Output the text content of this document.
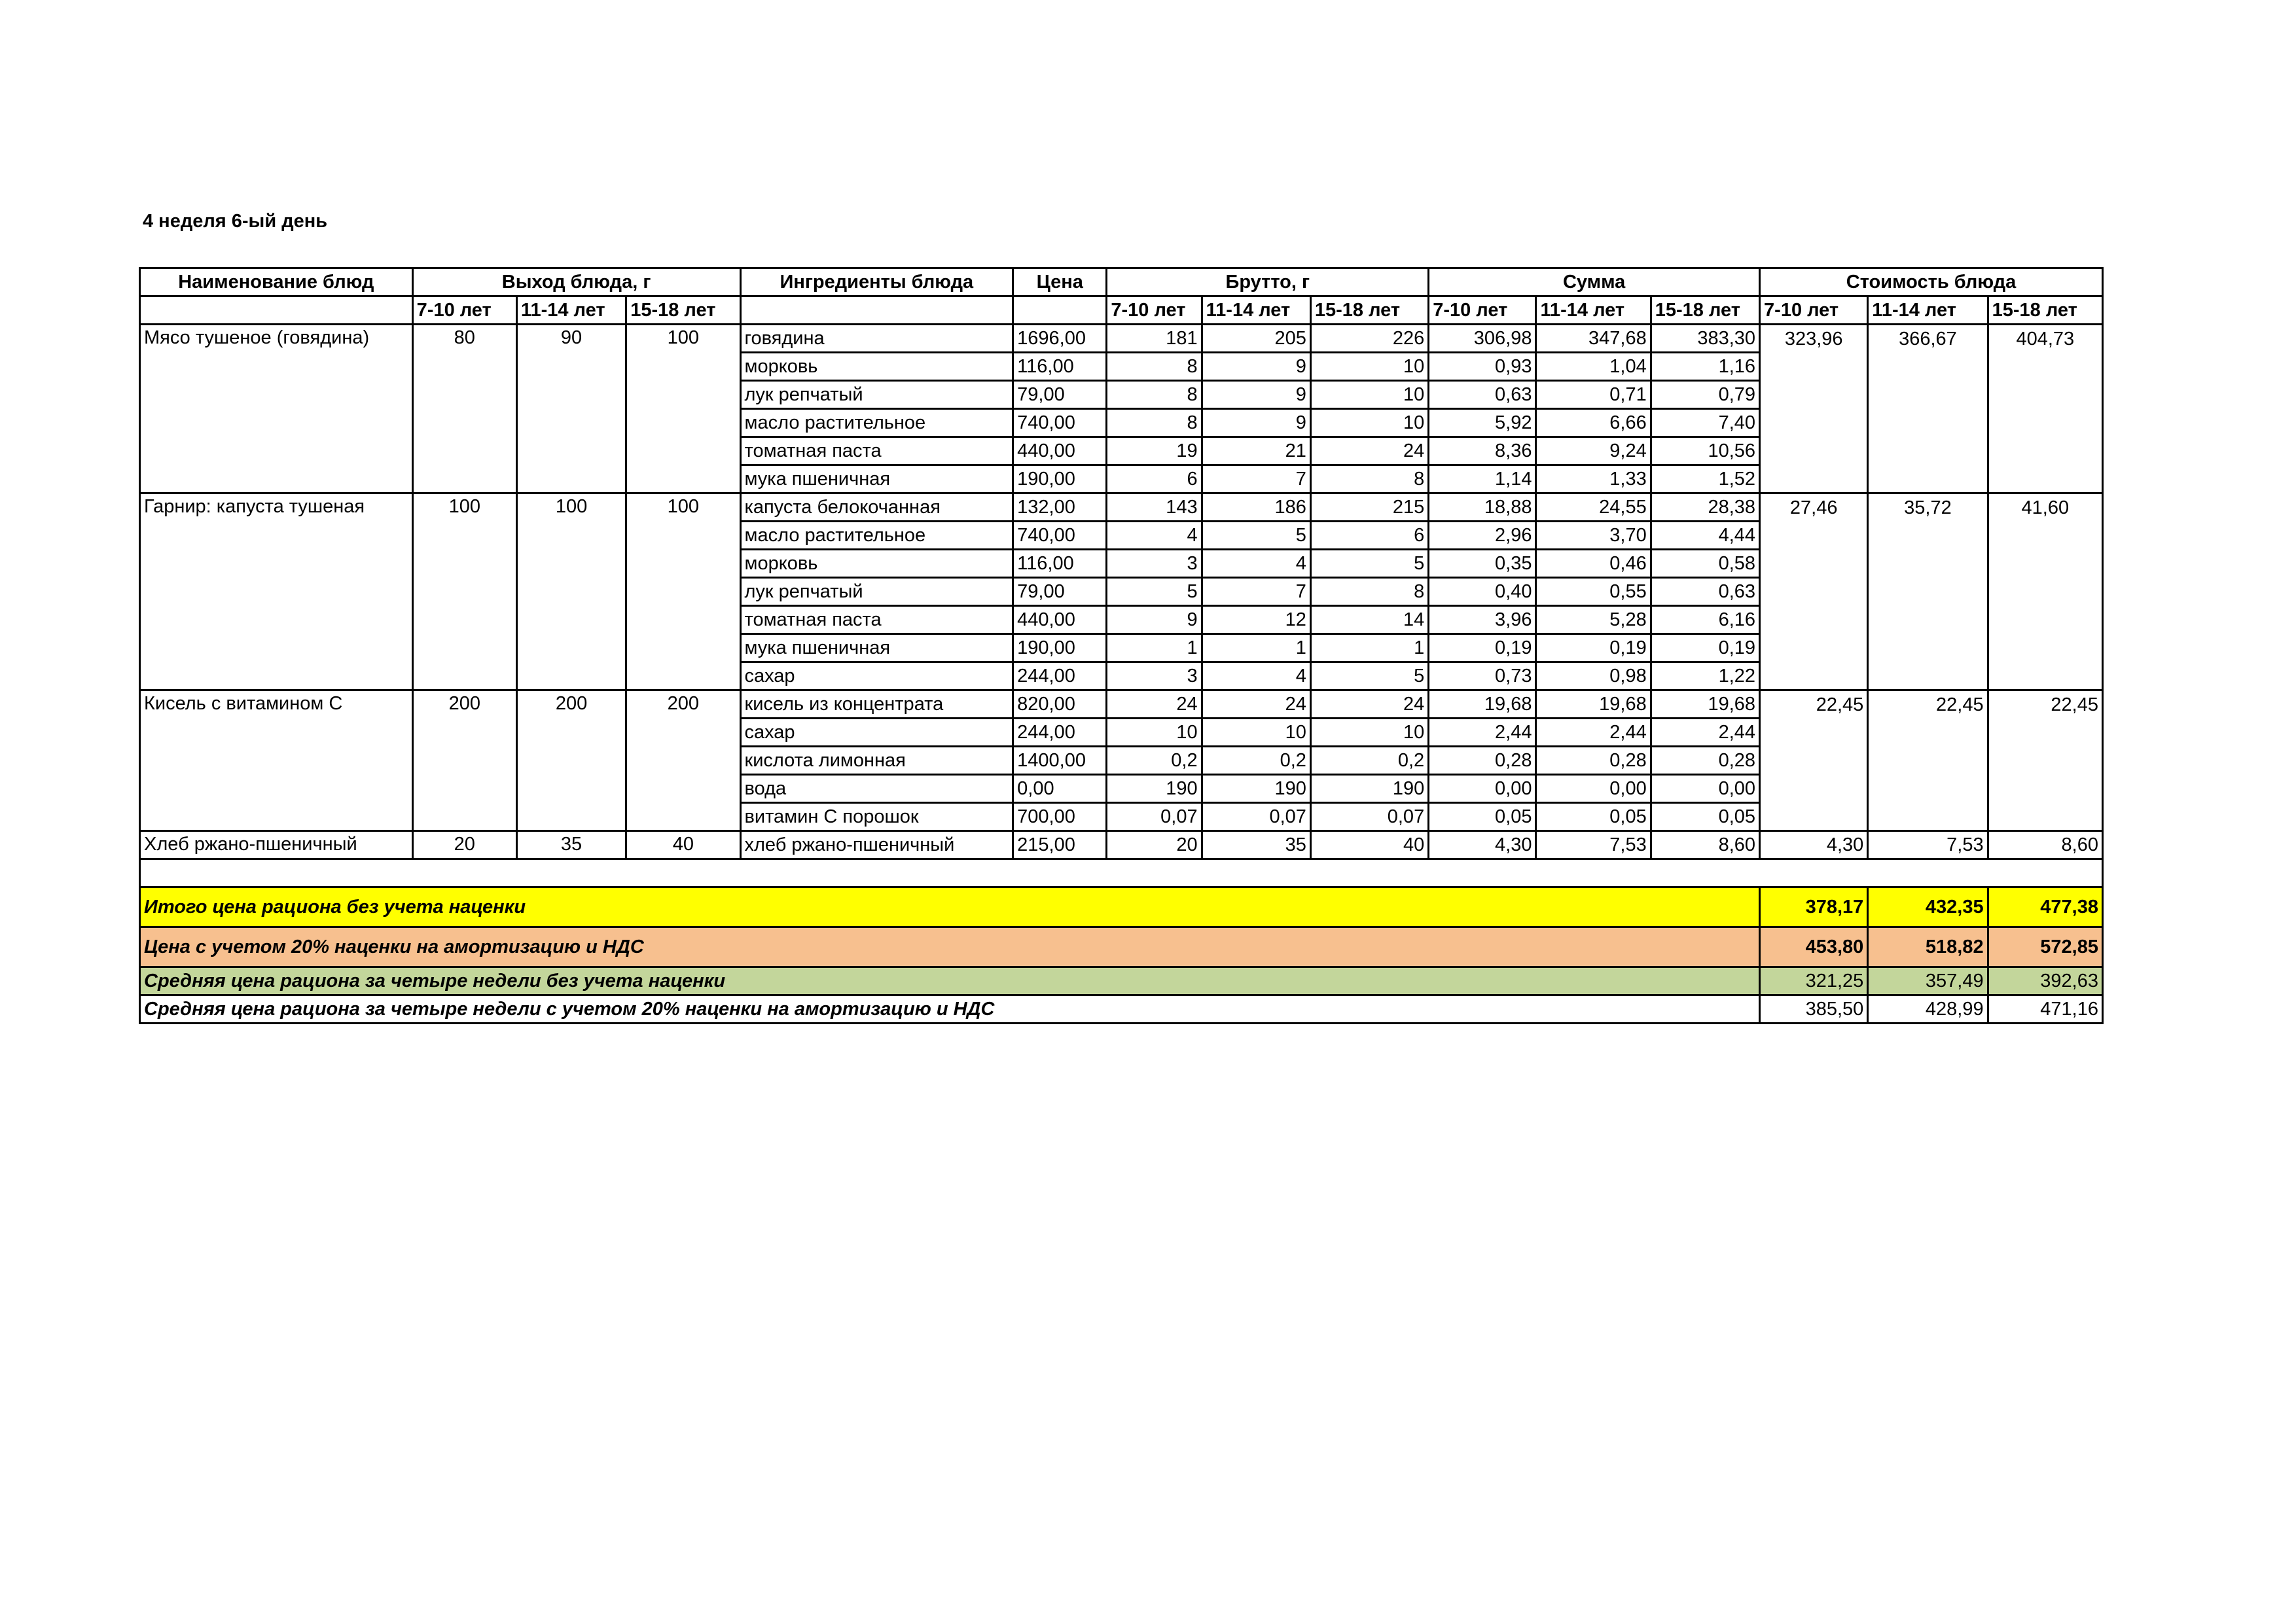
4 неделя 6-ый день
Наименование блюд	Выход блюда, г			Ингредиенты блюда	Цена	Брутто, г			Сумма			Стоимость блюда		
	7-10 лет	11-14 лет	15-18 лет			7-10 лет	11-14 лет	15-18 лет	7-10 лет	11-14 лет	15-18 лет	7-10 лет	11-14 лет	15-18 лет
Мясо тушеное (говядина)	80	90	100	говядина	1696,00	181	205	226	306,98	347,68	383,30	323,96	366,67	404,73
				морковь	116,00	8	9	10	0,93	1,04	1,16			
				лук репчатый	79,00	8	9	10	0,63	0,71	0,79			
				масло растительное	740,00	8	9	10	5,92	6,66	7,40			
				томатная паста	440,00	19	21	24	8,36	9,24	10,56			
				мука пшеничная	190,00	6	7	8	1,14	1,33	1,52			
Гарнир: капуста тушеная	100	100	100	капуста белокочанная	132,00	143	186	215	18,88	24,55	28,38	27,46	35,72	41,60
				масло растительное	740,00	4	5	6	2,96	3,70	4,44			
				морковь	116,00	3	4	5	0,35	0,46	0,58			
				лук репчатый	79,00	5	7	8	0,40	0,55	0,63			
				томатная паста	440,00	9	12	14	3,96	5,28	6,16			
				мука пшеничная	190,00	1	1	1	0,19	0,19	0,19			
				сахар	244,00	3	4	5	0,73	0,98	1,22			
Кисель с витамином С	200	200	200	кисель из концентрата	820,00	24	24	24	19,68	19,68	19,68	22,45	22,45	22,45
				сахар	244,00	10	10	10	2,44	2,44	2,44			
				кислота лимонная	1400,00	0,2	0,2	0,2	0,28	0,28	0,28			
				вода	0,00	190	190	190	0,00	0,00	0,00			
				витамин С порошок	700,00	0,07	0,07	0,07	0,05	0,05	0,05			
Хлеб ржано-пшеничный	20	35	40	хлеб ржано-пшеничный	215,00	20	35	40	4,30	7,53	8,60	4,30	7,53	8,60

Итого цена рациона без учета наценки												378,17	432,35	477,38
Цена с учетом 20% наценки на амортизацию и НДС												453,80	518,82	572,85
Средняя цена рациона за четыре недели без учета наценки												321,25	357,49	392,63
Средняя цена рациона за четыре недели с учетом 20% наценки на амортизацию и НДС												385,50	428,99	471,16
